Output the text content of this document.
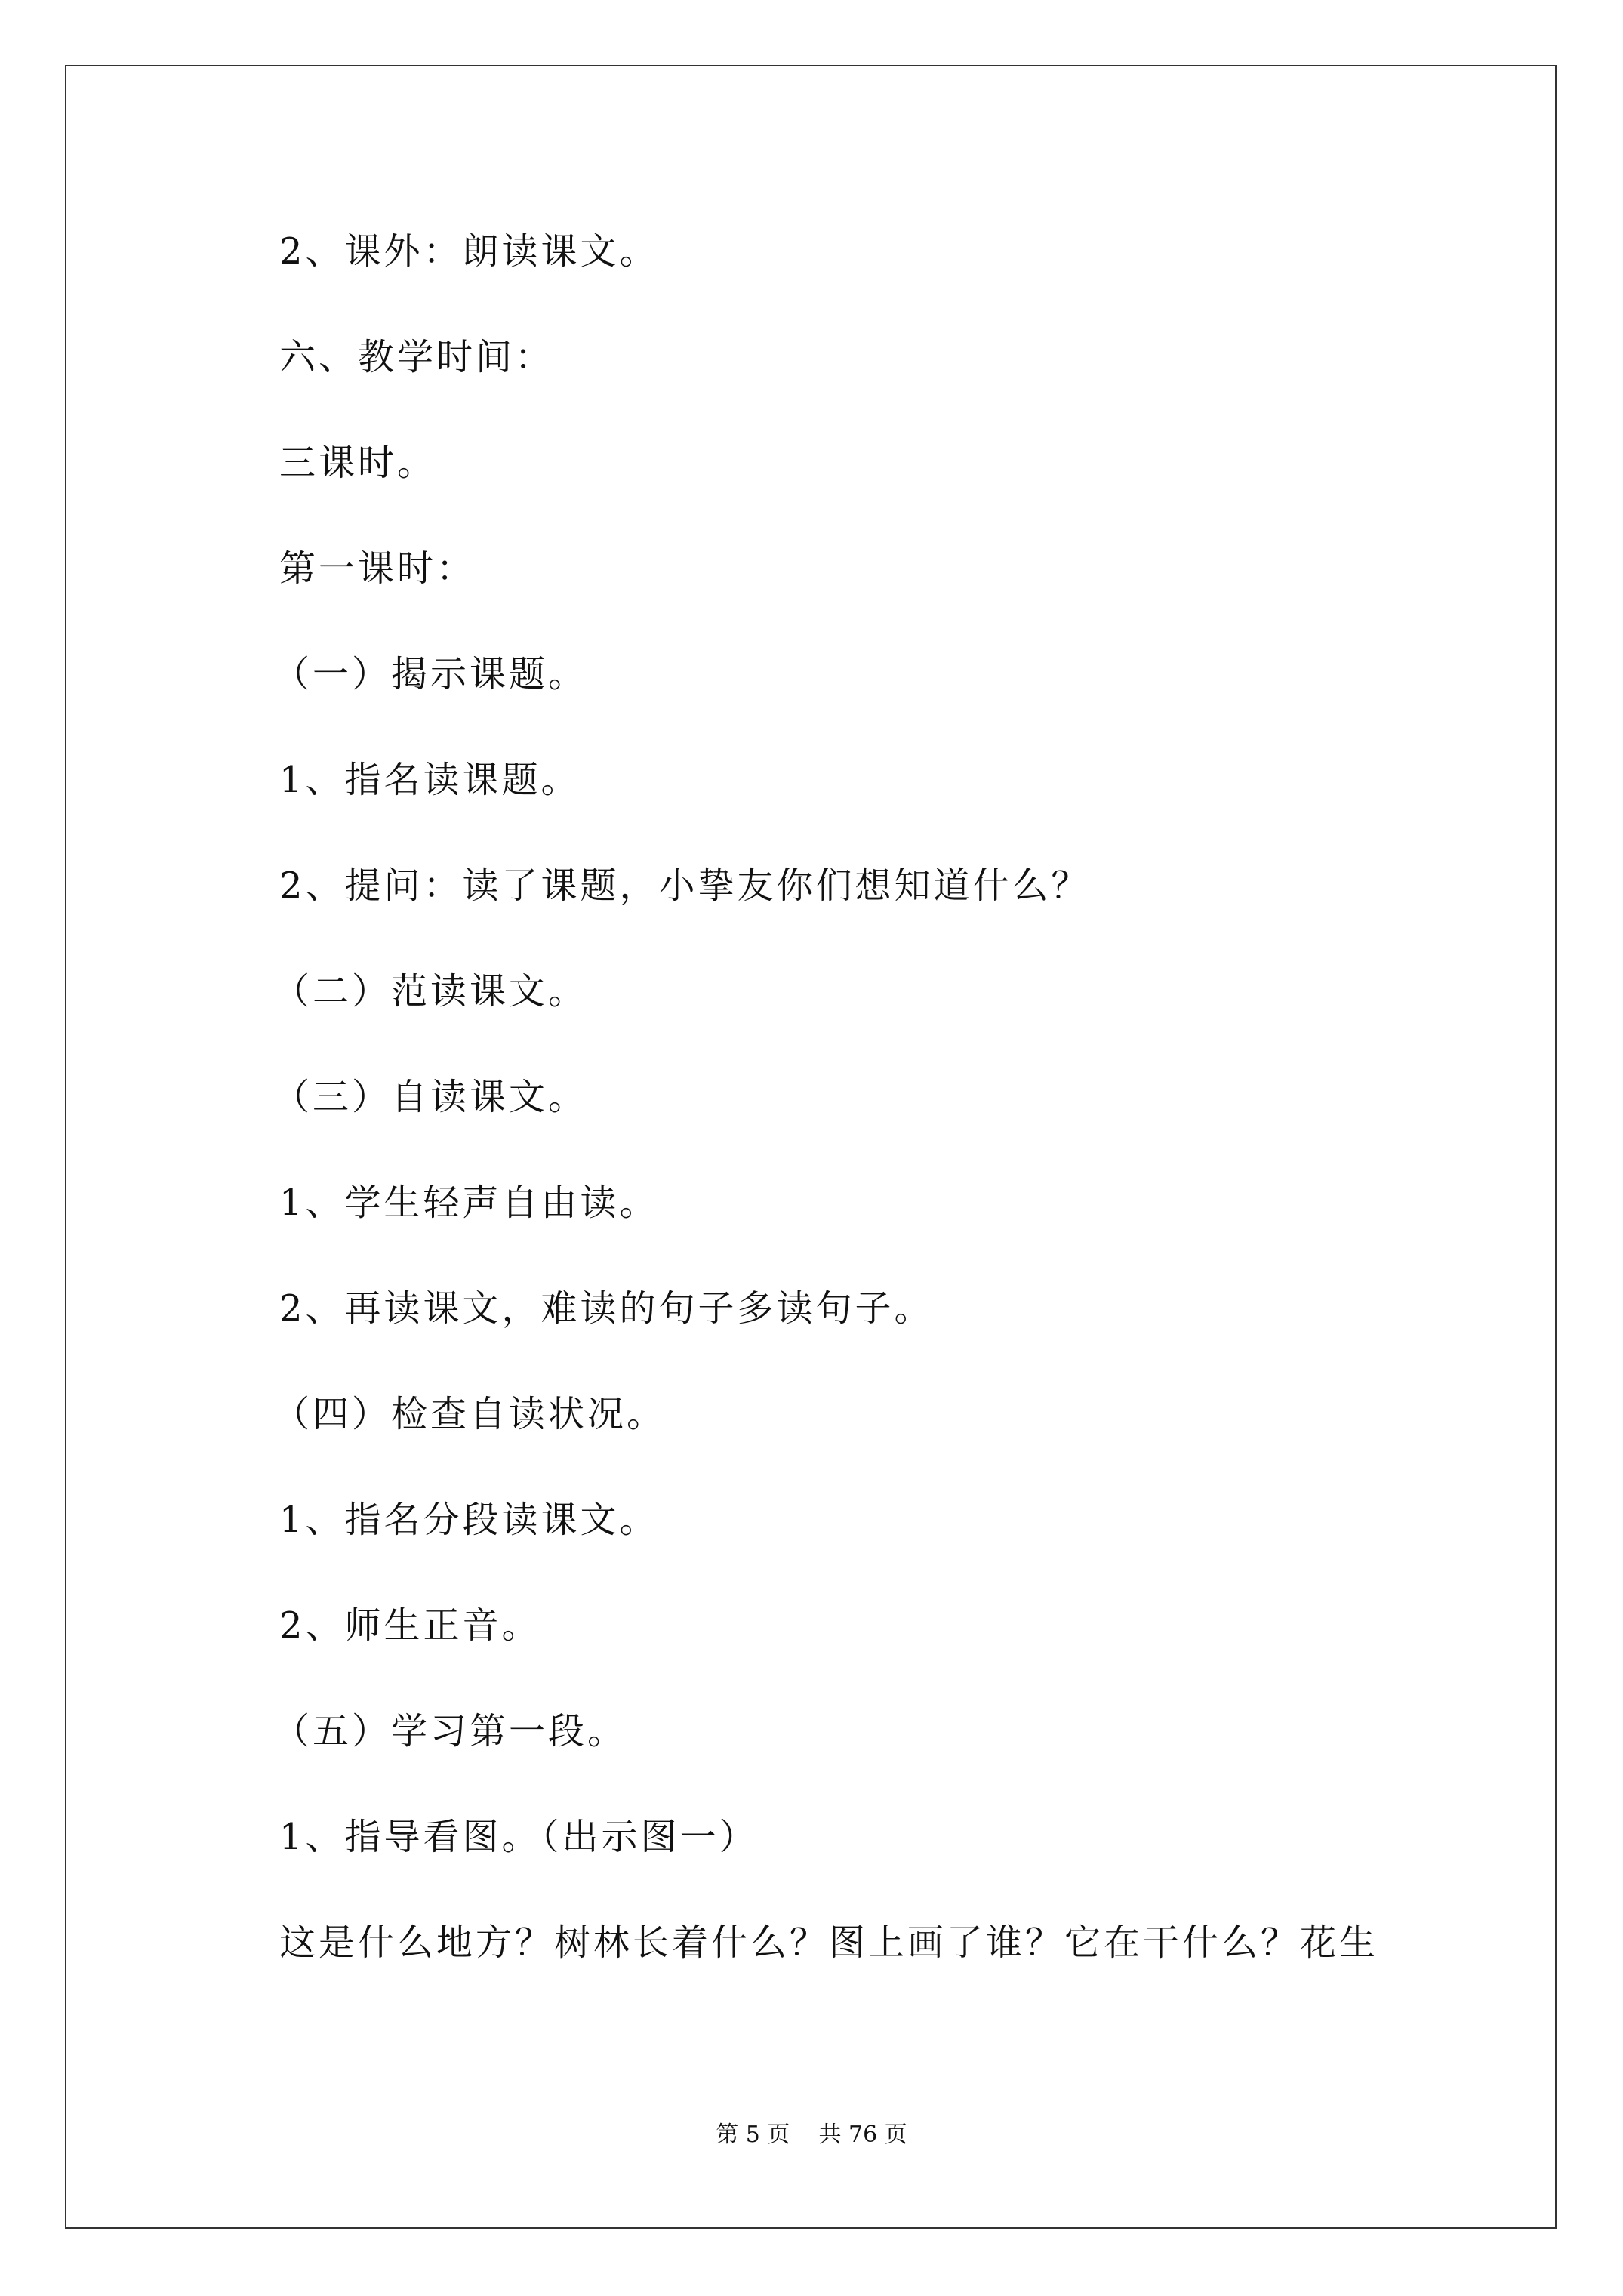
2、课外：朗读课文。
六、教学时间：
三课时。
第一课时：
（一）揭示课题。
1、指名读课题。
2、提问：读了课题，小挚友你们想知道什么？
（二）范读课文。
（三）自读课文。
1、学生轻声自由读。
2、再读课文，难读的句子多读句子。
（四）检查自读状况。
1、指名分段读课文。
2、师生正音。
（五）学习第一段。
1、指导看图。（出示图一）
这是什么地方？树林长着什么？图上画了谁？它在干什么？花生
第 5 页    共 76 页
